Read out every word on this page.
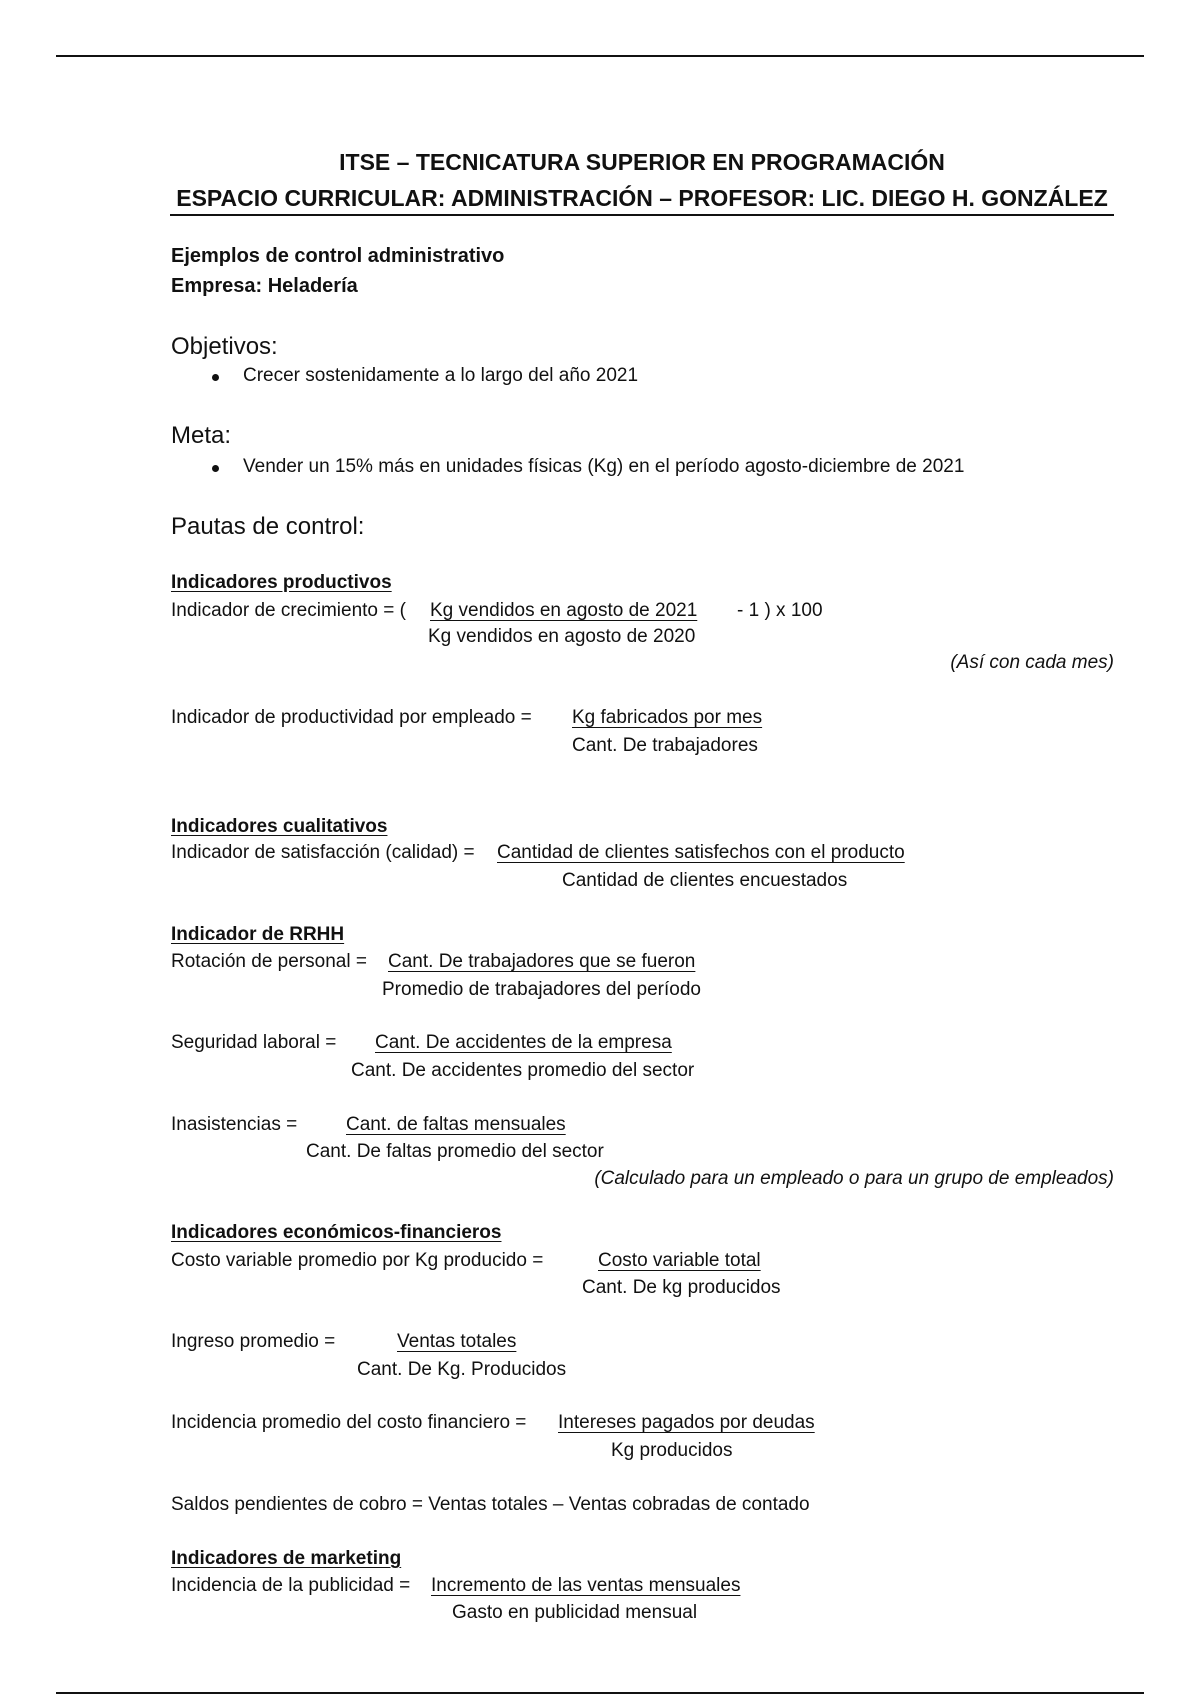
ITSE – TECNICATURA SUPERIOR EN PROGRAMACIÓN
ESPACIO CURRICULAR: ADMINISTRACIÓN – PROFESOR: LIC. DIEGO H. GONZÁLEZ
Ejemplos de control administrativo
Empresa: Heladería
Objetivos:
Crecer sostenidamente a lo largo del año 2021
Meta:
Vender un 15% más en unidades físicas (Kg) en el período agosto-diciembre de 2021
Pautas de control:
Indicadores productivos
Indicador de crecimiento = ( Kg vendidos en agosto de 2021 - 1 ) x 100
Kg vendidos en agosto de 2020
(Así con cada mes)
Indicador de productividad por empleado = Kg fabricados por mes
Cant. De trabajadores
Indicadores cualitativos
Indicador de satisfacción (calidad) = Cantidad de clientes satisfechos con el producto
Cantidad de clientes encuestados
Indicador de RRHH
Rotación de personal = Cant. De trabajadores que se fueron
Promedio de trabajadores del período
Seguridad laboral = Cant. De accidentes de la empresa
Cant. De accidentes promedio del sector
Inasistencias =	Cant. de faltas mensuales
Cant. De faltas promedio del sector
(Calculado para un empleado o para un grupo de empleados)
Indicadores económicos-financieros
Costo variable promedio por Kg producido =	Costo variable total
Cant. De kg producidos
Ingreso promedio =	Ventas totales
Cant. De Kg. Producidos
Incidencia promedio del costo financiero = Intereses pagados por deudas
Kg producidos
Saldos pendientes de cobro = Ventas totales – Ventas cobradas de contado
Indicadores de marketing
Incidencia de la publicidad = Incremento de las ventas mensuales
Gasto en publicidad mensual
